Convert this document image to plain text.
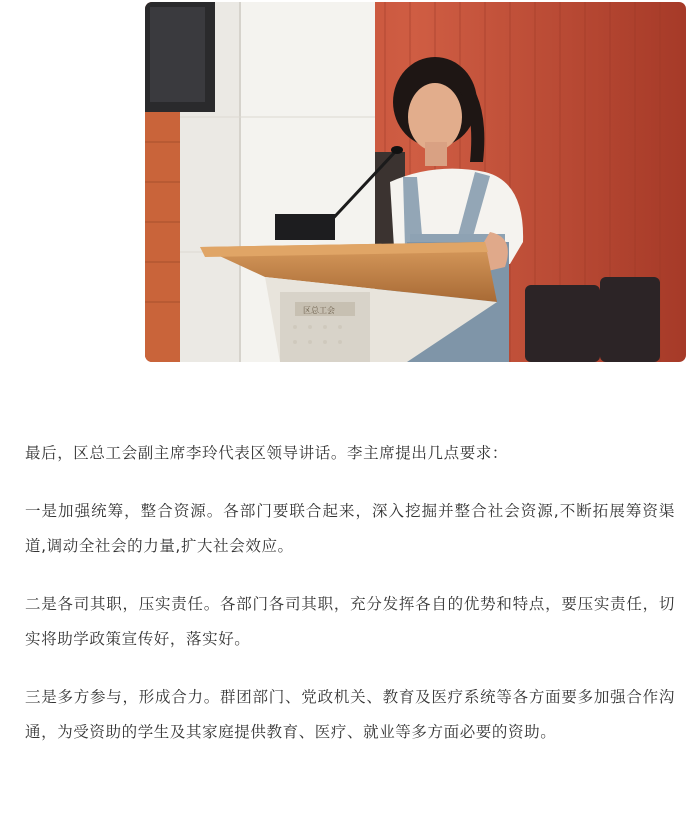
区总工会

最后，区总工会副主席李玲代表区领导讲话。李主席提出几点要求：

一是加强统筹，整合资源。各部门要联合起来，深入挖掘并整合社会资源,不断拓展筹资渠道,调动全社会的力量,扩大社会效应。

二是各司其职，压实责任。各部门各司其职，充分发挥各自的优势和特点，要压实责任，切实将助学政策宣传好，落实好。

三是多方参与，形成合力。群团部门、党政机关、教育及医疗系统等各方面要多加强合作沟通，为受资助的学生及其家庭提供教育、医疗、就业等多方面必要的资助。
